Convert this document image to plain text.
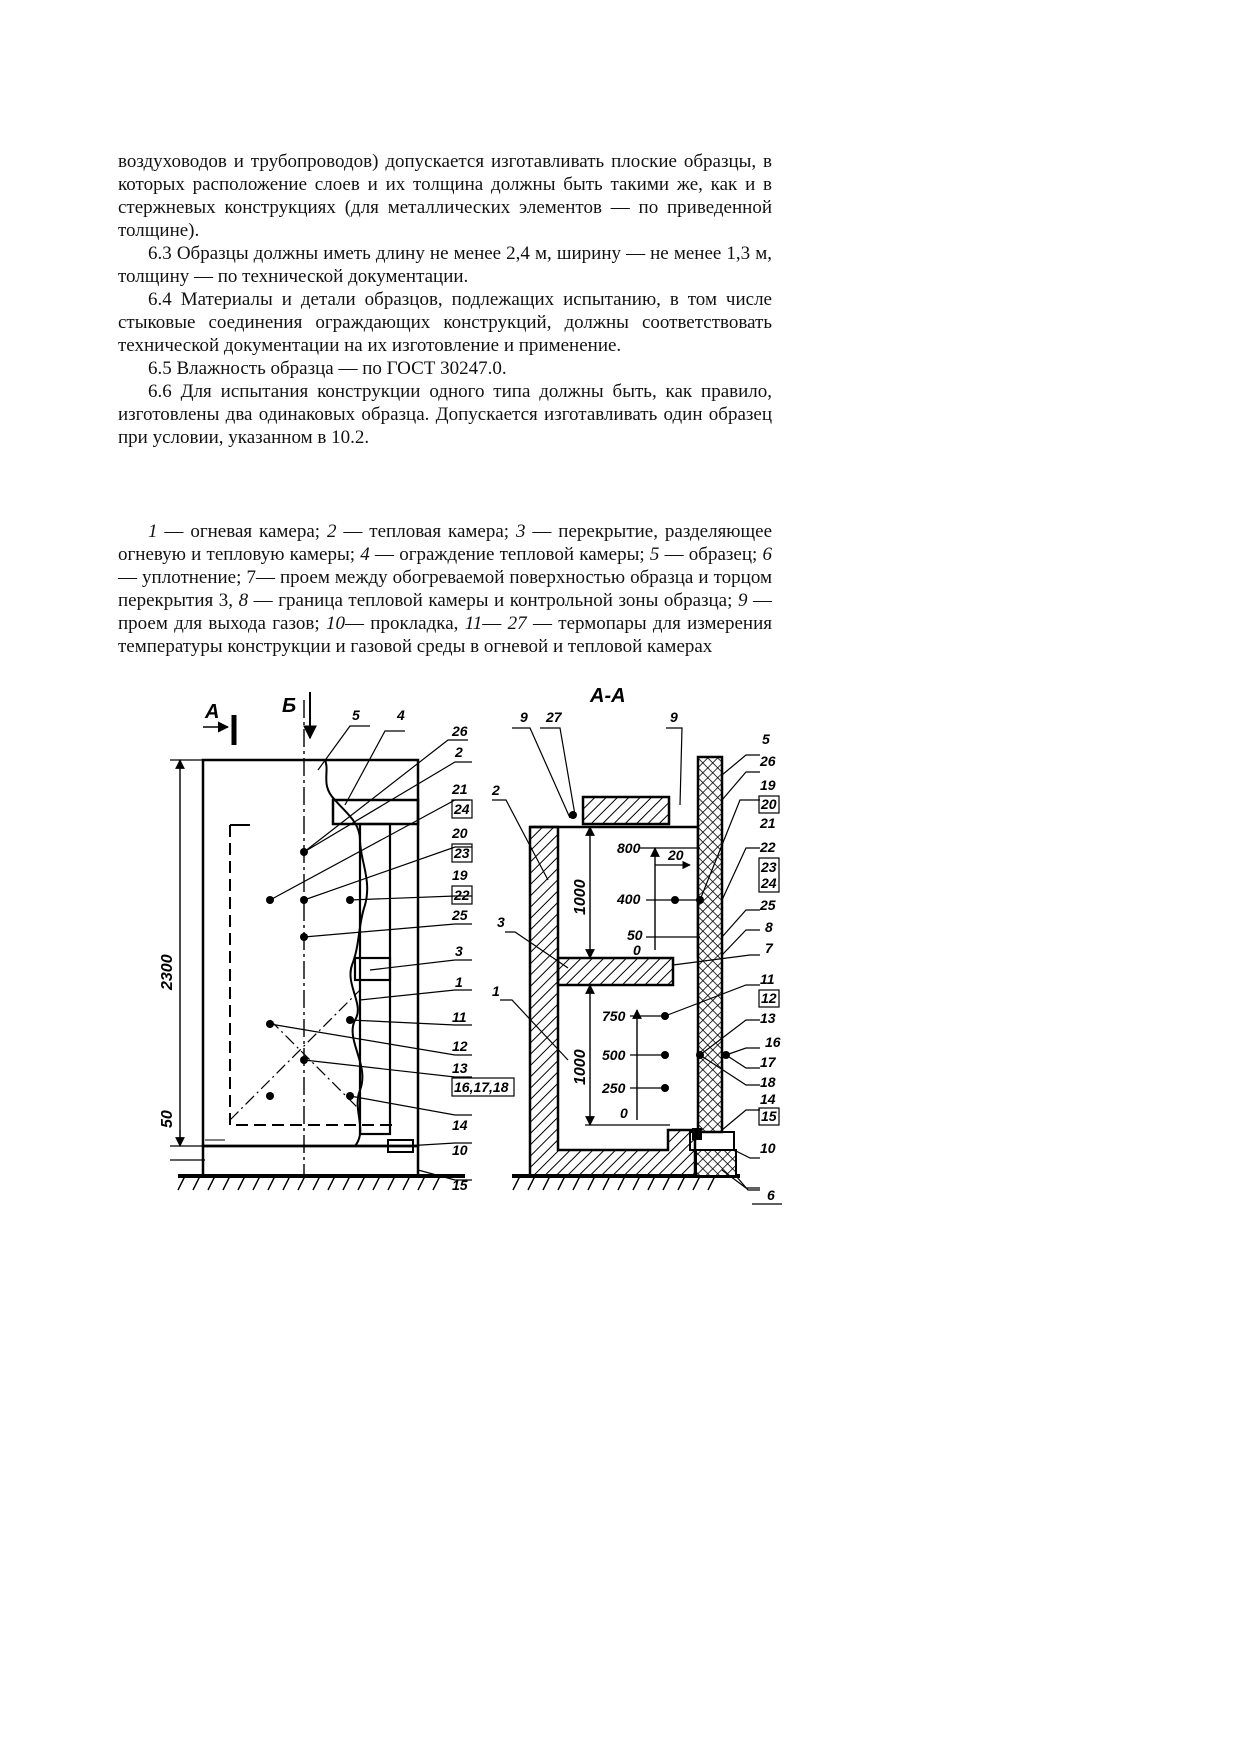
воздуховодов и трубопроводов) допускается изготавливать плоские образцы, в которых расположение слоев и их толщина должны быть такими же, как и в стержневых конструкциях (для металлических элементов — по приведенной толщине).

6.3 Образцы должны иметь длину не менее 2,4 м, ширину — не менее 1,3 м, толщину — по технической документации.

6.4 Материалы и детали образцов, подлежащих испытанию, в том числе стыковые соединения ограждающих конструкций, должны соответствовать технической документации на их изготовление и применение.

6.5 Влажность образца — по ГОСТ 30247.0.

6.6 Для испытания конструкции одного типа должны быть, как правило, изготовлены два одинаковых образца. Допускается изготавливать один образец при условии, указанном в 10.2.

1 — огневая камера; 2 — тепловая камера; 3 — перекрытие, разделяющее огневую и тепловую камеры; 4 — ограждение тепловой камеры; 5 — образец; 6 — уплотнение; 7— проем между обогреваемой поверхностью образца и торцом перекрытия 3, 8 — граница тепловой камеры и контрольной зоны образца; 9 — проем для выхода газов; 10— прокладка, 11— 27 — термопары для измерения температуры конструкции и газовой среды в огневой и тепловой камерах

2300
50
А	Б	5	4
26
2
21
24
20
23
19
22
25
3
1
11
12
13
16,17,18
14
10
15
А-А
1000
1000
20
800
400
50
0
750
500
250
0
9 27	9
2
3
1
5
26
19
20
21
22
23
24
25
8
7
11
12
13
16
17
18
14
15
10
6
